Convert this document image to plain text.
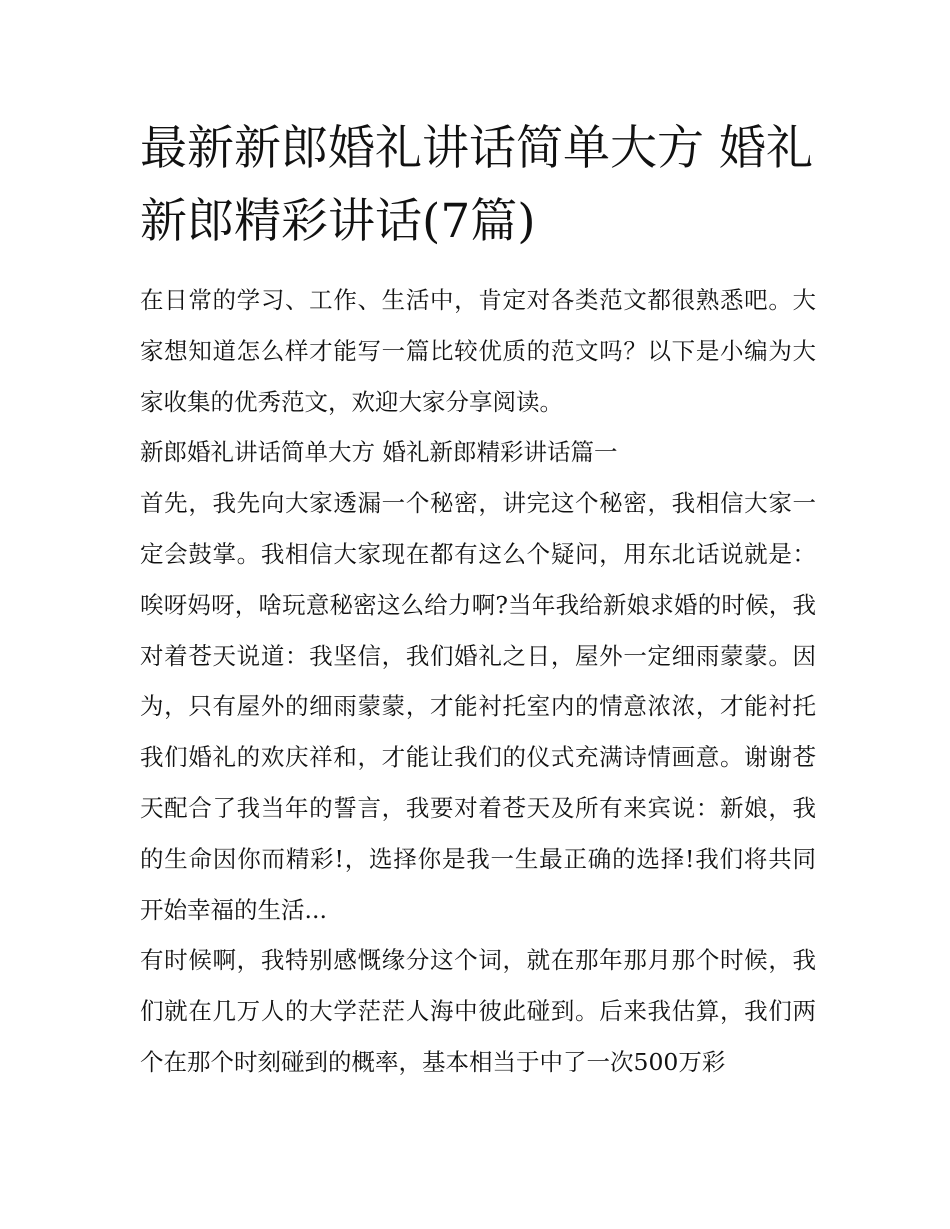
最新新郎婚礼讲话简单大方 婚礼新郎精彩讲话(7篇)

在日常的学习、工作、生活中，肯定对各类范文都很熟悉吧。大家想知道怎么样才能写一篇比较优质的范文吗？以下是小编为大家收集的优秀范文，欢迎大家分享阅读。

新郎婚礼讲话简单大方 婚礼新郎精彩讲话篇一

首先，我先向大家透漏一个秘密，讲完这个秘密，我相信大家一定会鼓掌。我相信大家现在都有这么个疑问，用东北话说就是：唉呀妈呀，啥玩意秘密这么给力啊?当年我给新娘求婚的时候，我对着苍天说道：我坚信，我们婚礼之日，屋外一定细雨蒙蒙。因为，只有屋外的细雨蒙蒙，才能衬托室内的情意浓浓，才能衬托我们婚礼的欢庆祥和，才能让我们的仪式充满诗情画意。谢谢苍天配合了我当年的誓言，我要对着苍天及所有来宾说：新娘，我的生命因你而精彩!，选择你是我一生最正确的选择!我们将共同开始幸福的生活...

有时候啊，我特别感慨缘分这个词，就在那年那月那个时候，我们就在几万人的大学茫茫人海中彼此碰到。后来我估算，我们两个在那个时刻碰到的概率，基本相当于中了一次500万彩
